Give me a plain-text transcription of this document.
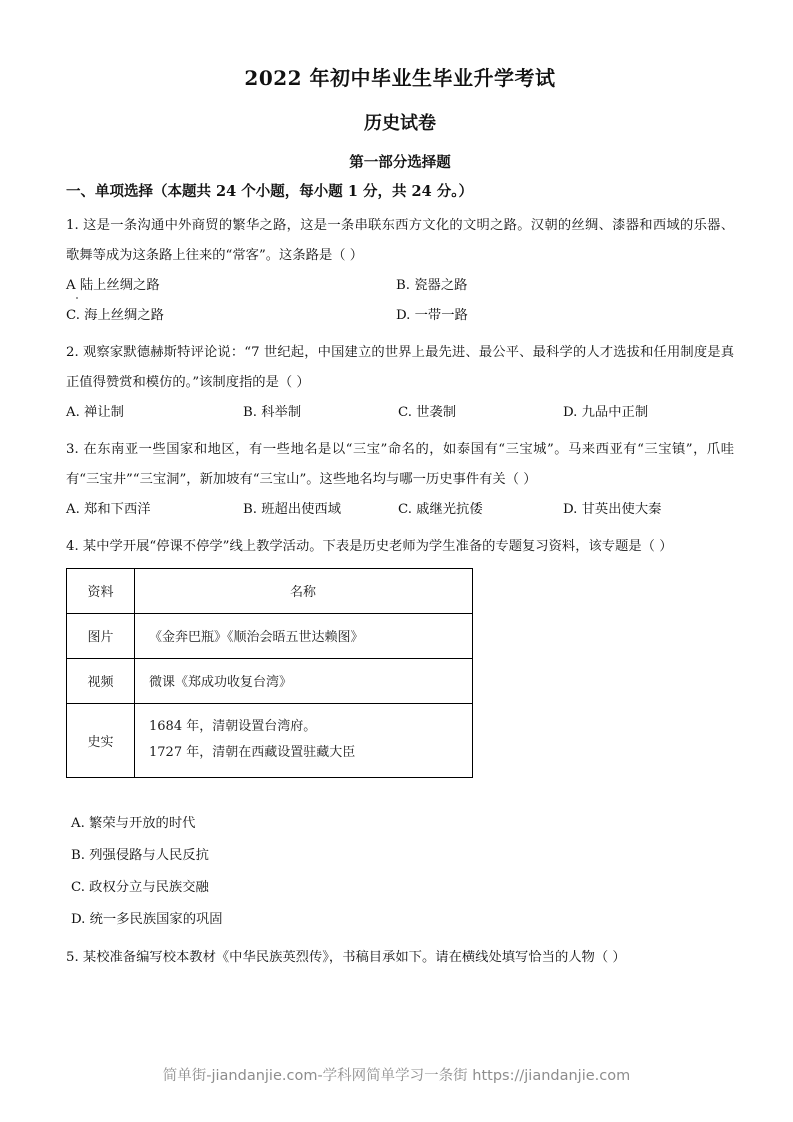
2022 年初中毕业生毕业升学考试
历史试卷
第一部分选择题
一、单项选择（本题共 24 个小题，每小题 1 分，共 24 分。）
1. 这是一条沟通中外商贸的繁华之路，这是一条串联东西方文化的文明之路。汉朝的丝绸、漆器和西域的乐器、歌舞等成为这条路上往来的“常客”。这条路是（ ）
A 陆上丝绸之路	B. 瓷器之路
C. 海上丝绸之路	D. 一带一路
2. 观察家默德赫斯特评论说：“7 世纪起，中国建立的世界上最先进、最公平、最科学的人才选拔和任用制度是真正值得赞赏和模仿的。”该制度指的是（ ）
A. 禅让制	B. 科举制	C. 世袭制	D. 九品中正制
3. 在东南亚一些国家和地区，有一些地名是以“三宝”命名的，如泰国有“三宝城”。马来西亚有“三宝镇”，爪哇有“三宝井”“三宝洞”，新加坡有“三宝山”。这些地名均与哪一历史事件有关（ ）
A. 郑和下西洋	B. 班超出使西域	C. 戚继光抗倭	D. 甘英出使大秦
4. 某中学开展“停课不停学”线上教学活动。下表是历史老师为学生准备的专题复习资料，该专题是（ ）
资料	名称
图片	《金奔巴瓶》《顺治会晤五世达赖图》
视频	微课《郑成功收复台湾》
史实	1684 年，清朝设置台湾府。
1727 年，清朝在西藏设置驻藏大臣
A. 繁荣与开放的时代
B. 列强侵路与人民反抗
C. 政权分立与民族交融
D. 统一多民族国家的巩固
5. 某校准备编写校本教材《中华民族英烈传》，书稿目承如下。请在横线处填写恰当的人物（ ）
简单街-jiandanjie.com-学科网简单学习一条街 https://jiandanjie.com
